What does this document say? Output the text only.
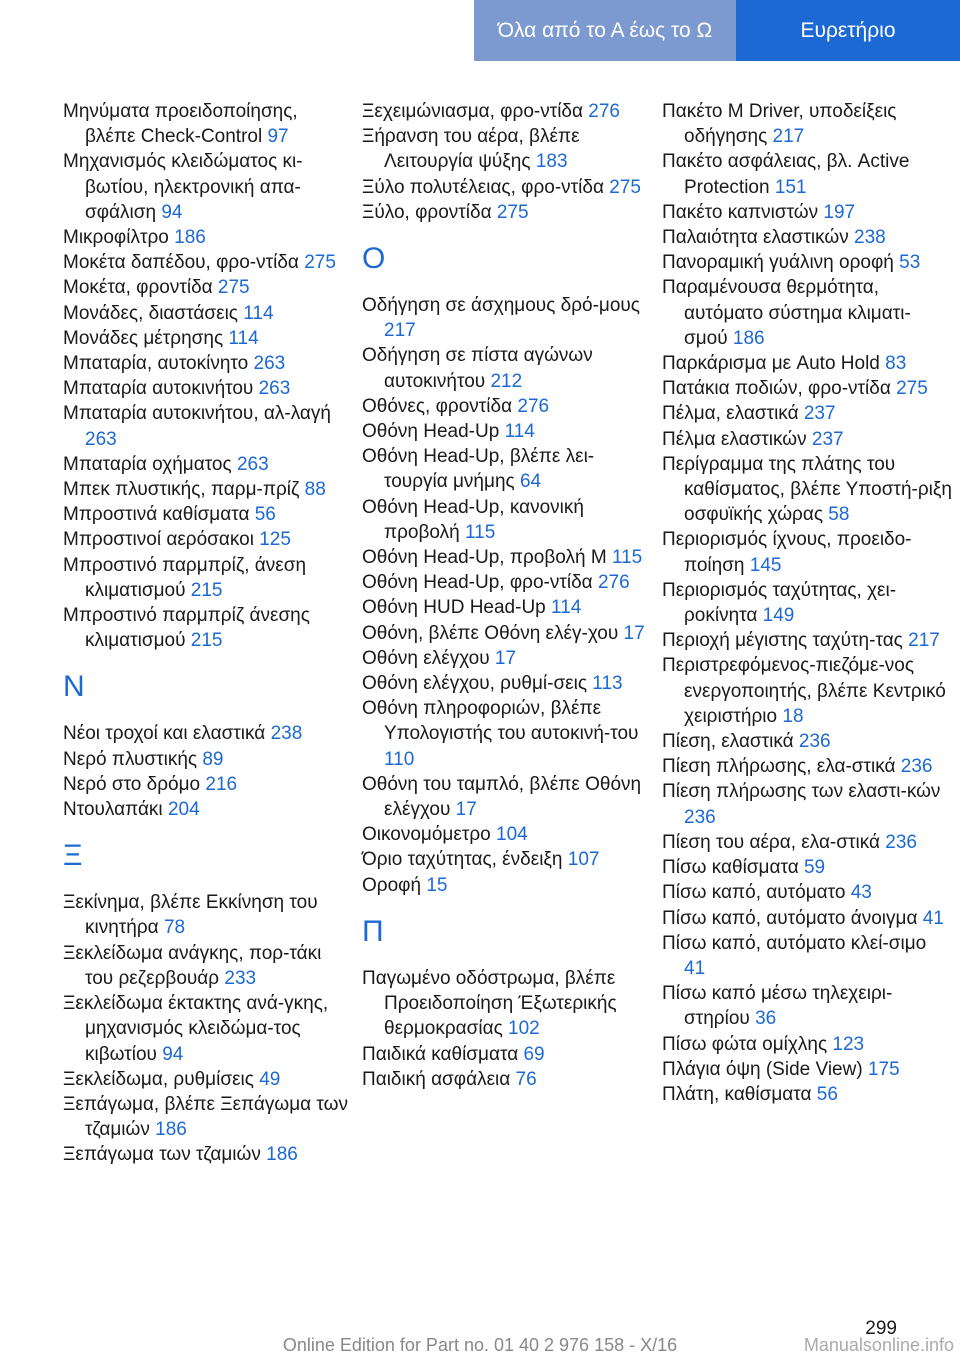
Όλα από το Α έως το Ω	Ευρετήριο

Μηνύματα προειδοποίησης, βλέπε Check-Control 97

Μηχανισμός κλειδώματος κι-βωτίου, ηλεκτρονική απα-σφάλιση 94

Μικροφίλτρο 186

Μοκέτα δαπέδου, φρο-ντίδα 275

Μοκέτα, φροντίδα 275

Μονάδες, διαστάσεις 114

Μονάδες μέτρησης 114

Μπαταρία, αυτοκίνητο 263

Μπαταρία αυτοκινήτου 263

Μπαταρία αυτοκινήτου, αλ-λαγή 263

Μπαταρία οχήματος 263

Μπεκ πλυστικής, παρμ-πρίζ 88

Μπροστινά καθίσματα 56

Μπροστινοί αερόσακοι 125

Μπροστινό παρμπρίζ, άνεση κλιματισμού 215

Μπροστινό παρμπρίζ άνεσης κλιματισμού 215

Ν

Νέοι τροχοί και ελαστικά 238

Νερό πλυστικής 89

Νερό στο δρόμο 216

Ντουλαπάκι 204

Ξ

Ξεκίνημα, βλέπε Εκκίνηση του κινητήρα 78

Ξεκλείδωμα ανάγκης, πορ-τάκι του ρεζερβουάρ 233

Ξεκλείδωμα έκτακτης ανά-γκης, μηχανισμός κλειδώμα-τος κιβωτίου 94

Ξεκλείδωμα, ρυθμίσεις 49

Ξεπάγωμα, βλέπε Ξεπάγωμα των τζαμιών 186

Ξεπάγωμα των τζαμιών 186

Ξεχειμώνιασμα, φρο-ντίδα 276

Ξήρανση του αέρα, βλέπε Λειτουργία ψύξης 183

Ξύλο πολυτέλειας, φρο-ντίδα 275

Ξύλο, φροντίδα 275

Ο

Οδήγηση σε άσχημους δρό-μους 217

Οδήγηση σε πίστα αγώνων αυτοκινήτου 212

Οθόνες, φροντίδα 276

Οθόνη Head-Up 114

Οθόνη Head-Up, βλέπε λει-τουργία μνήμης 64

Οθόνη Head-Up, κανονική προβολή 115

Οθόνη Head-Up, προβολή M 115

Οθόνη Head-Up, φρο-ντίδα 276

Οθόνη HUD Head-Up 114

Οθόνη, βλέπε Οθόνη ελέγ-χου 17

Οθόνη ελέγχου 17

Οθόνη ελέγχου, ρυθμί-σεις 113

Οθόνη πληροφοριών, βλέπε Υπολογιστής του αυτοκινή-του 110

Οθόνη του ταμπλό, βλέπε Οθόνη ελέγχου 17

Οικονομόμετρο 104

Όριο ταχύτητας, ένδειξη 107

Οροφή 15

Π

Παγωμένο οδόστρωμα, βλέπε Προειδοποίηση Έξωτερικής θερμοκρασίας 102

Παιδικά καθίσματα 69

Παιδική ασφάλεια 76

Πακέτο M Driver, υποδείξεις οδήγησης 217

Πακέτο ασφάλειας, βλ. Active Protection 151

Πακέτο καπνιστών 197

Παλαιότητα ελαστικών 238

Πανοραμική γυάλινη οροφή 53

Παραμένουσα θερμότητα, αυτόματο σύστημα κλιματι-σμού 186

Παρκάρισμα με Auto Hold 83

Πατάκια ποδιών, φρο-ντίδα 275

Πέλμα, ελαστικά 237

Πέλμα ελαστικών 237

Περίγραμμα της πλάτης του καθίσματος, βλέπε Υποστή-ριξη οσφυϊκής χώρας 58

Περιορισμός ίχνους, προειδο-ποίηση 145

Περιορισμός ταχύτητας, χει-ροκίνητα 149

Περιοχή μέγιστης ταχύτη-τας 217

Περιστρεφόμενος-πιεζόμε-νος ενεργοποιητής, βλέπε Κεντρικό χειριστήριο 18

Πίεση, ελαστικά 236

Πίεση πλήρωσης, ελα-στικά 236

Πίεση πλήρωσης των ελαστι-κών 236

Πίεση του αέρα, ελα-στικά 236

Πίσω καθίσματα 59

Πίσω καπό, αυτόματο 43

Πίσω καπό, αυτόματο άνοιγμα 41

Πίσω καπό, αυτόματο κλεί-σιμο 41

Πίσω καπό μέσω τηλεχειρι-στηρίου 36

Πίσω φώτα ομίχλης 123

Πλάγια όψη (Side View) 175

Πλάτη, καθίσματα 56

299
Online Edition for Part no. 01 40 2 976 158 - X/16	Manualsonline.info
